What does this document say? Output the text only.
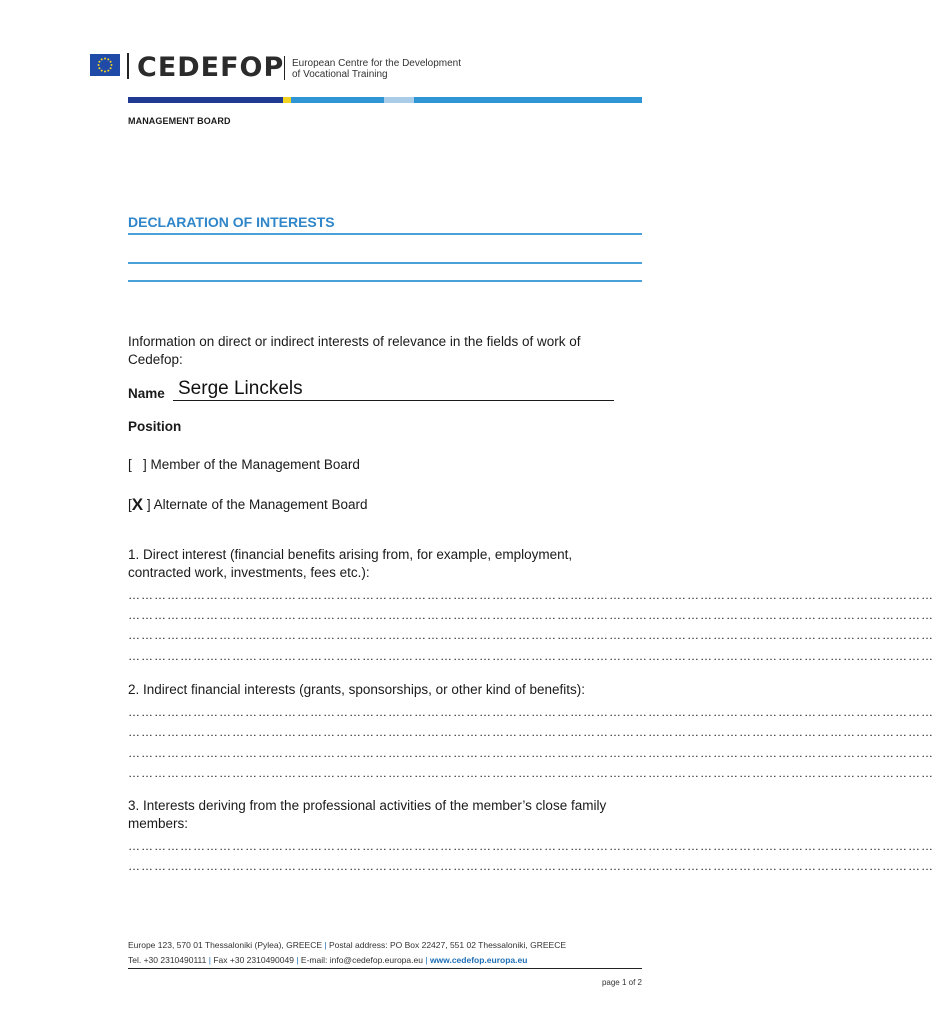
CEDEFOP European Centre for the Development
of Vocational Training
MANAGEMENT BOARD
DECLARATION OF INTERESTS
Information on direct or indirect interests of relevance in the fields of work of Cedefop:
Name Serge Linckels
Position
[   ] Member of the Management Board
[X ] Alternate of the Management Board
1. Direct interest (financial benefits arising from, for example, employment, contracted work, investments, fees etc.):
……………………………………………………………………………………………………………………………………………………………………
……………………………………………………………………………………………………………………………………………………………………
……………………………………………………………………………………………………………………………………………………………………
……………………………………………………………………………………………………………………………………………………………………
2. Indirect financial interests (grants, sponsorships, or other kind of benefits):
……………………………………………………………………………………………………………………………………………………………………
……………………………………………………………………………………………………………………………………………………………………
……………………………………………………………………………………………………………………………………………………………………
……………………………………………………………………………………………………………………………………………………………………
3. Interests deriving from the professional activities of the member’s close family members:
……………………………………………………………………………………………………………………………………………………………………
……………………………………………………………………………………………………………………………………………………………………
Europe 123, 570 01 Thessaloniki (Pylea), GREECE | Postal address: PO Box 22427, 551 02 Thessaloniki, GREECE
Tel. +30 2310490111 | Fax +30 2310490049 | E-mail: info@cedefop.europa.eu | www.cedefop.europa.eu
page 1 of 2
